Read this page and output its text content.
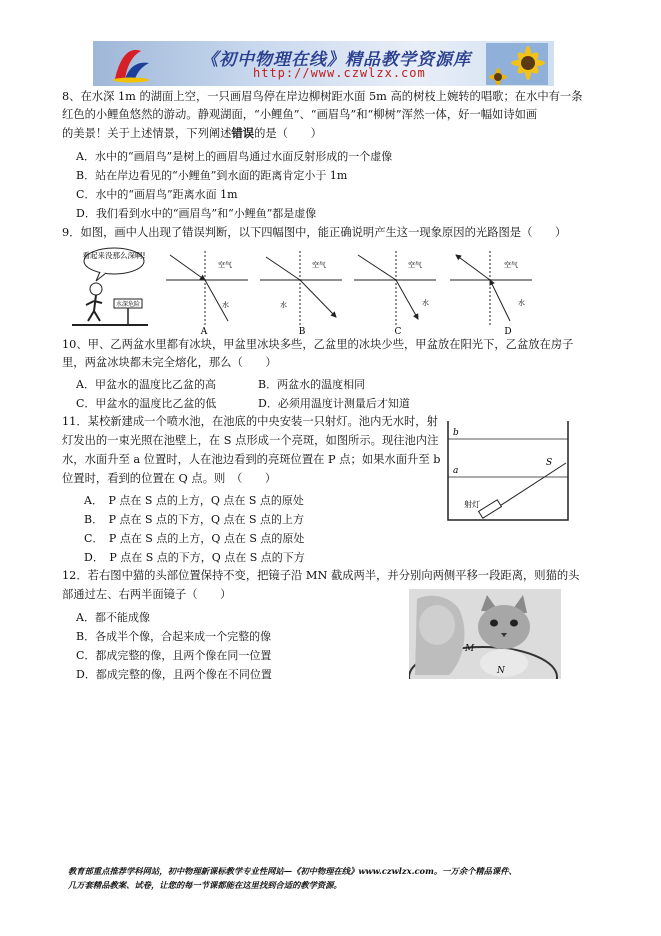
《初中物理在线》精品教学资源库
http://www.czwlzx.com
8、在水深 1m 的湖面上空，一只画眉鸟停在岸边柳树距水面 5m 高的树枝上婉转的唱歌；在水中有一条
红色的小鲤鱼悠然的游动。静观湖面，“小鲤鱼”、“画眉鸟”和“柳树”浑然一体，好一幅如诗如画
的美景！关于上述情景，下列阐述错误的是（　　）
A．水中的“画眉鸟”是树上的画眉鸟通过水面反射形成的一个虚像
B．站在岸边看见的“小鲤鱼”到水面的距离肯定小于 1m
C．水中的“画眉鸟”距离水面 1m
D．我们看到水中的“画眉鸟”和“小鲤鱼”都是虚像
9．如图，画中人出现了错误判断，以下四幅图中，能正确说明产生这一现象原因的光路图是（　　）
看起来没那么深啊!
水深危险
空气
水
A
空气
水
B
空气
水
C
空气
水
D
10、甲、乙两盆水里都有冰块，甲盆里冰块多些，乙盆里的冰块少些，甲盆放在阳光下，乙盆放在房子
里，两盆冰块都未完全熔化，那么（　　）
A．甲盆水的温度比乙盆的高	B．两盆水的温度相同
C．甲盆水的温度比乙盆的低	D．必须用温度计测量后才知道
11．某校新建成一个喷水池，在池底的中央安装一只射灯。池内无水时，射
灯发出的一束光照在池壁上，在 S 点形成一个亮斑，如图所示。现往池内注
水，水面升至 a 位置时，人在池边看到的亮斑位置在 P 点；如果水面升至 b
位置时，看到的位置在 Q 点。则　（　　）
A．　P 点在 S 点的上方，Q 点在 S 点的原处
B．　P 点在 S 点的下方，Q 点在 S 点的上方
C．　P 点在 S 点的上方，Q 点在 S 点的原处
D．　P 点在 S 点的下方，Q 点在 S 点的下方
b
a
S
射灯
12．若右图中猫的头部位置保持不变，把镜子沿 MN 截成两半，并分别向两侧平移一段距离，则猫的头
部通过左、右两半面镜子（　　）
A．都不能成像
B．各成半个像，合起来成一个完整的像
C．都成完整的像，且两个像在同一位置
D．都成完整的像，且两个像在不同位置
M
N
教育部重点推荐学科网站，初中物理新课标教学专业性网站—《初中物理在线》www.czwlzx.com。一万余个精品课件、
几万套精品教案、试卷，让您的每一节课都能在这里找到合适的教学资源。
